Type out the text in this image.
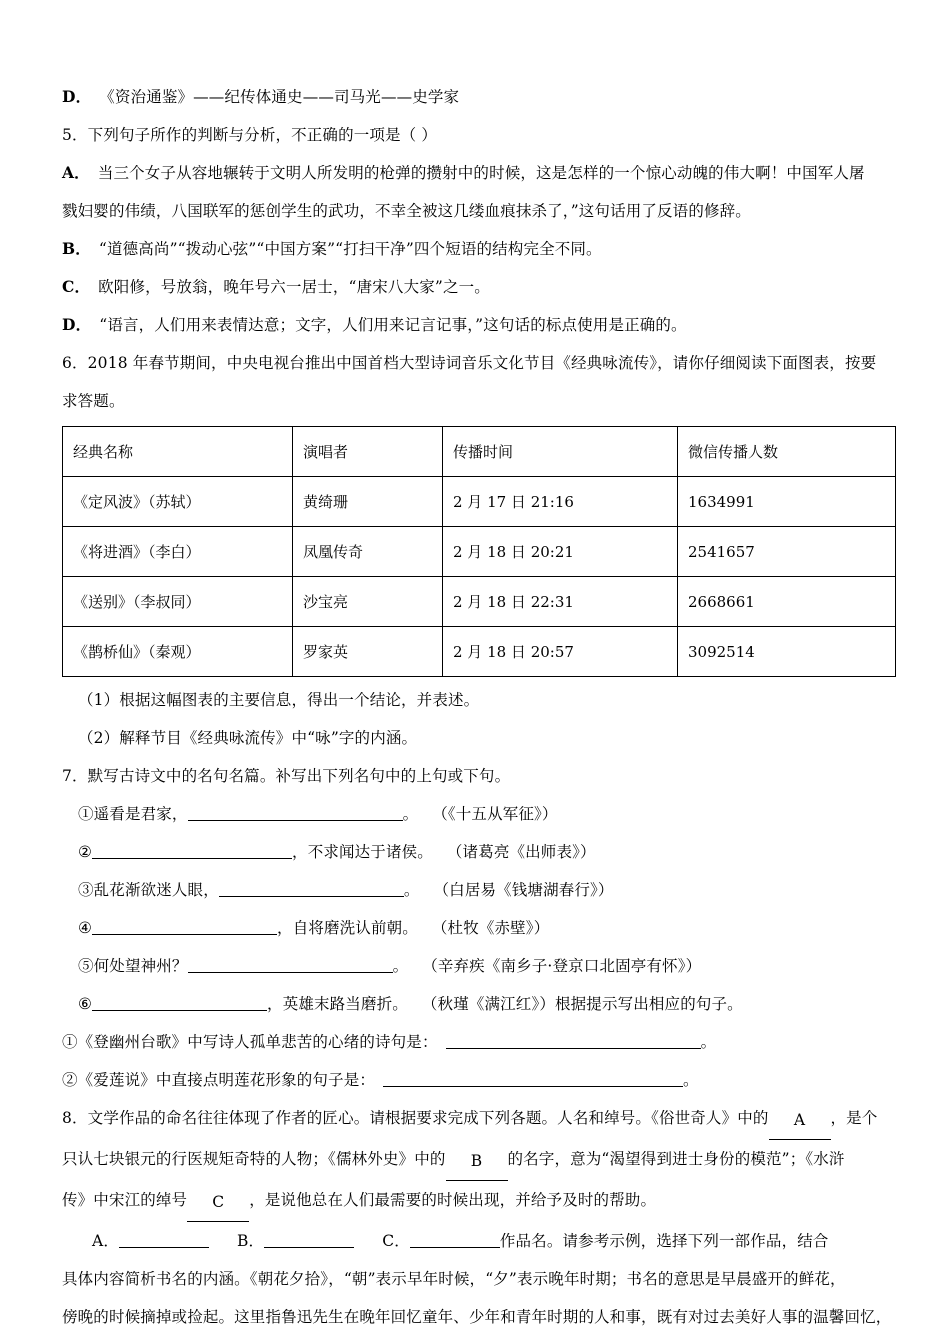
D． 《资治通鉴》——纪传体通史——司马光——史学家
5．下列句子所作的判断与分析，不正确的一项是（ ）
A． 当三个女子从容地辗转于文明人所发明的枪弹的攒射中的时候，这是怎样的一个惊心动魄的伟大啊！中国军人屠
戮妇婴的伟绩，八国联军的惩创学生的武功，不幸全被这几缕血痕抹杀了，”这句话用了反语的修辞。
B． “道德高尚”“拨动心弦”“中国方案”“打扫干净”四个短语的结构完全不同。
C． 欧阳修，号放翁，晚年号六一居士，“唐宋八大家”之一。
D． “语言，人们用来表情达意；文字，人们用来记言记事，”这句话的标点使用是正确的。
6．2018 年春节期间，中央电视台推出中国首档大型诗词音乐文化节目《经典咏流传》，请你仔细阅读下面图表，按要
求答题。
经典名称	演唱者	传播时间	微信传播人数
《定风波》（苏轼）	黄绮珊	2 月 17 日 21:16	1634991
《将进酒》（李白）	凤凰传奇	2 月 18 日 20:21	2541657
《送别》（李叔同）	沙宝亮	2 月 18 日 22:31	2668661
《鹊桥仙》（秦观）	罗家英	2 月 18 日 20:57	3092514
（1）根据这幅图表的主要信息，得出一个结论，并表述。
（2）解释节目《经典咏流传》中“咏”字的内涵。
7．默写古诗文中的名句名篇。补写出下列名句中的上句或下句。
①遥看是君家，	。 （《十五从军征》）
②	，不求闻达于诸侯。 （诸葛亮《出师表》）
③乱花渐欲迷人眼，	。 （白居易《钱塘湖春行》）
④	，自将磨洗认前朝。 （杜牧《赤壁》）
⑤何处望神州？	。 （辛弃疾《南乡子·登京口北固亭有怀》）
⑥	，英雄末路当磨折。 （秋瑾《满江红》）根据提示写出相应的句子。
①《登幽州台歌》中写诗人孤单悲苦的心绪的诗句是：	。
②《爱莲说》中直接点明莲花形象的句子是：	。
8．文学作品的命名往往体现了作者的匠心。请根据要求完成下列各题。人名和绰号。《俗世奇人》中的 A ，是个
只认七块银元的行医规矩奇特的人物；《儒林外史》中的 B 的名字，意为“渴望得到进士身份的模范”；《水浒
传》中宋江的绰号 C ，是说他总在人们最需要的时候出现，并给予及时的帮助。
A．	B．	C．	作品名。请参考示例，选择下列一部作品，结合
具体内容简析书名的内涵。《朝花夕拾》，“朝”表示早年时候，“夕”表示晚年时期；书名的意思是早晨盛开的鲜花，
傍晚的时候摘掉或捡起。这里指鲁迅先生在晚年回忆童年、少年和青年时期的人和事，既有对过去美好人事的温馨回忆，
